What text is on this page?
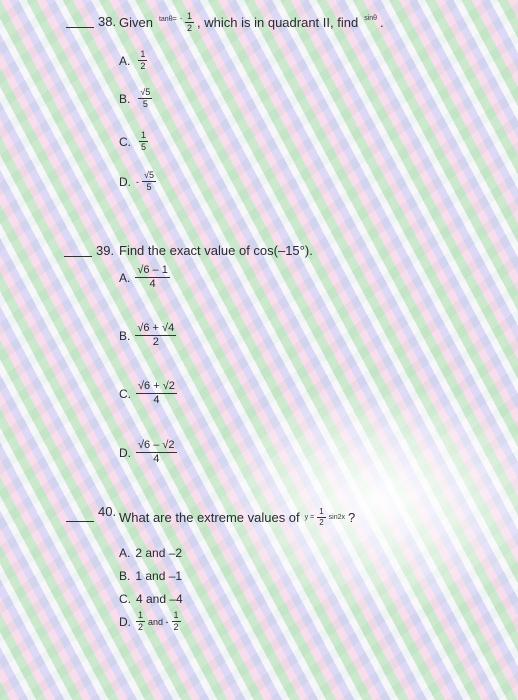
38. Given $\tan\theta= - \frac{1}{2}$ , which is in quadrant II, find sinθ .
A. $\frac{1}{2}$
B. $\frac{√5}{5}$
C. $\frac{1}{5}$
D. - $\frac{√5}{5}$
39. Find the exact value of cos(–15°).
A. $\frac{√6 - 1}{4}$
B. $\frac{√6 + √4}{2}$
C. $\frac{√6 + √2}{4}$
D. $\frac{√6 - √2}{4}$
40. What are the extreme values of $y = \frac{1}{2} \sin 2x$ ?
A. 2 and –2
B. 1 and –1
C. 4 and –4
D. $\frac{1}{2}$ and - $\frac{1}{2}$
